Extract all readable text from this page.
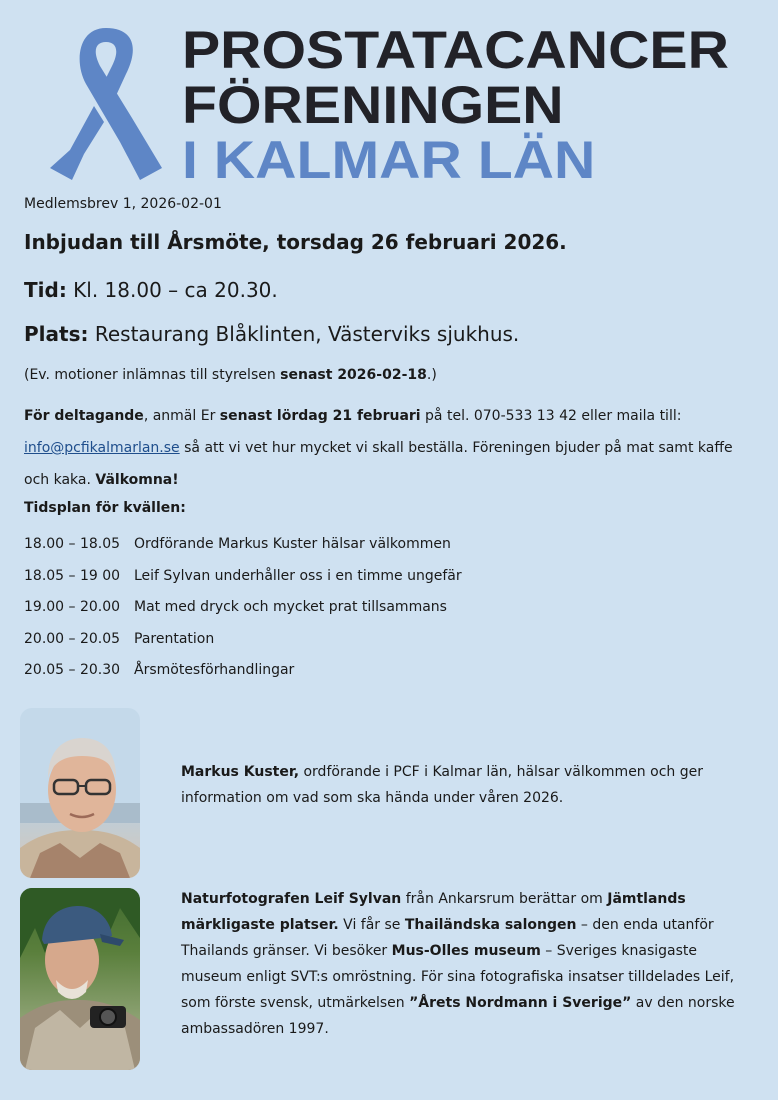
PROSTATACANCER
FÖRENINGEN
I KALMAR LÄN
Medlemsbrev 1, 2026-02-01
Inbjudan till Årsmöte, torsdag 26 februari 2026.
Tid: Kl. 18.00 – ca 20.30.
Plats: Restaurang Blåklinten, Västerviks sjukhus.
(Ev. motioner inlämnas till styrelsen senast 2026-02-18.)
För deltagande, anmäl Er senast lördag 21 februari på tel. 070-533 13 42 eller maila till:
info@pcfikalmarlan.se så att vi vet hur mycket vi skall beställa. Föreningen bjuder på mat samt kaffe och kaka. Välkomna!
Tidsplan för kvällen:
18.00 – 18.05 Ordförande Markus Kuster hälsar välkommen
18.05 – 19 00 Leif Sylvan underhåller oss i en timme ungefär
19.00 – 20.00 Mat med dryck och mycket prat tillsammans
20.00 – 20.05 Parentation
20.05 – 20.30 Årsmötesförhandlingar
Markus Kuster, ordförande i PCF i Kalmar län, hälsar välkommen och ger information om vad som ska hända under våren 2026.
Naturfotografen Leif Sylvan från Ankarsrum berättar om Jämtlands märkligaste platser. Vi får se Thailändska salongen – den enda utanför Thailands gränser. Vi besöker Mus-Olles museum – Sveriges knasigaste museum enligt SVT:s omröstning. För sina fotografiska insatser tilldelades Leif, som förste svensk, utmärkelsen ”Årets Nordmann i Sverige” av den norske ambassadören 1997.
